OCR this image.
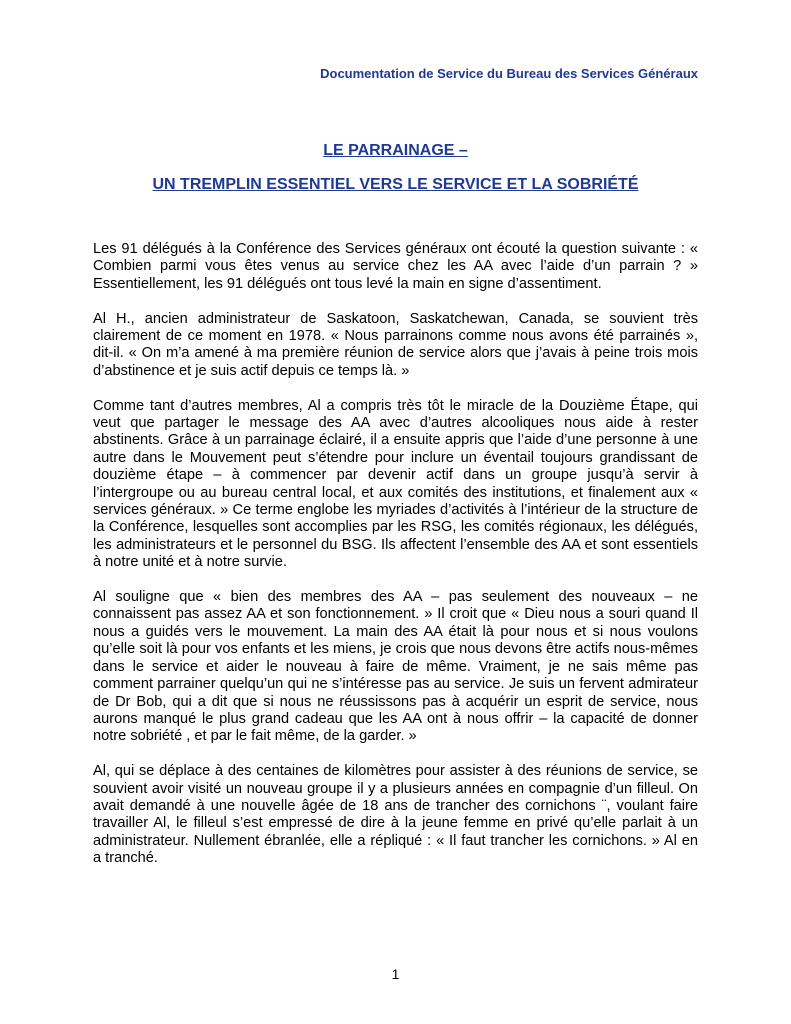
Documentation de Service du Bureau des Services Généraux
LE PARRAINAGE –
UN TREMPLIN ESSENTIEL VERS LE SERVICE ET LA SOBRIÉTÉ

Les 91 délégués à la Conférence des Services généraux ont écouté la question suivante : « Combien parmi vous êtes venus au service chez les AA avec l’aide d’un parrain ? » Essentiellement, les 91 délégués ont tous levé la main en signe d’assentiment.

Al H., ancien administrateur de Saskatoon, Saskatchewan, Canada, se souvient très clairement de ce moment en 1978. « Nous parrainons comme nous avons été parrainés », dit-il. « On m’a amené à ma première réunion de service alors que j’avais à peine trois mois d’abstinence et je suis actif depuis ce temps là. »

Comme tant d’autres membres, Al a compris très tôt le miracle de la Douzième Étape, qui veut que partager le message des AA avec d’autres alcooliques nous aide à rester abstinents. Grâce à un parrainage éclairé, il a ensuite appris que l’aide d’une personne à une autre dans le Mouvement peut s’étendre pour inclure un éventail toujours grandissant de douzième étape – à commencer par devenir actif dans un groupe jusqu’à servir à l’intergroupe ou au bureau central local, et aux comités des institutions, et finalement aux « services généraux. » Ce terme englobe les myriades d’activités à l’intérieur de la structure de la Conférence, lesquelles sont accomplies par les RSG, les comités régionaux, les délégués, les administrateurs et le personnel du BSG. Ils affectent l’ensemble des AA et sont essentiels à notre unité et à notre survie.

Al souligne que « bien des membres des AA – pas seulement des nouveaux – ne connaissent pas assez AA et son fonctionnement. » Il croit que « Dieu nous a souri quand Il nous a guidés vers le mouvement. La main des AA était là pour nous et si nous voulons qu’elle soit là pour vos enfants et les miens, je crois que nous devons être actifs nous-mêmes dans le service et aider le nouveau à faire de même. Vraiment, je ne sais même pas comment parrainer quelqu’un qui ne s’intéresse pas au service. Je suis un fervent admirateur de Dr Bob, qui a dit que si nous ne réussissons pas à acquérir un esprit de service, nous aurons manqué le plus grand cadeau que les AA ont à nous offrir – la capacité de donner notre sobriété , et par le fait même, de la garder. »

Al, qui se déplace à des centaines de kilomètres pour assister à des réunions de service, se souvient avoir visité un nouveau groupe il y a plusieurs années en compagnie d’un filleul. On avait demandé à une nouvelle âgée de 18 ans de trancher des cornichons ¨, voulant faire travailler Al, le filleul s’est empressé de dire à la jeune femme en privé qu’elle parlait à un administrateur. Nullement ébranlée, elle a répliqué : « Il faut trancher les cornichons. » Al en a tranché.

1
